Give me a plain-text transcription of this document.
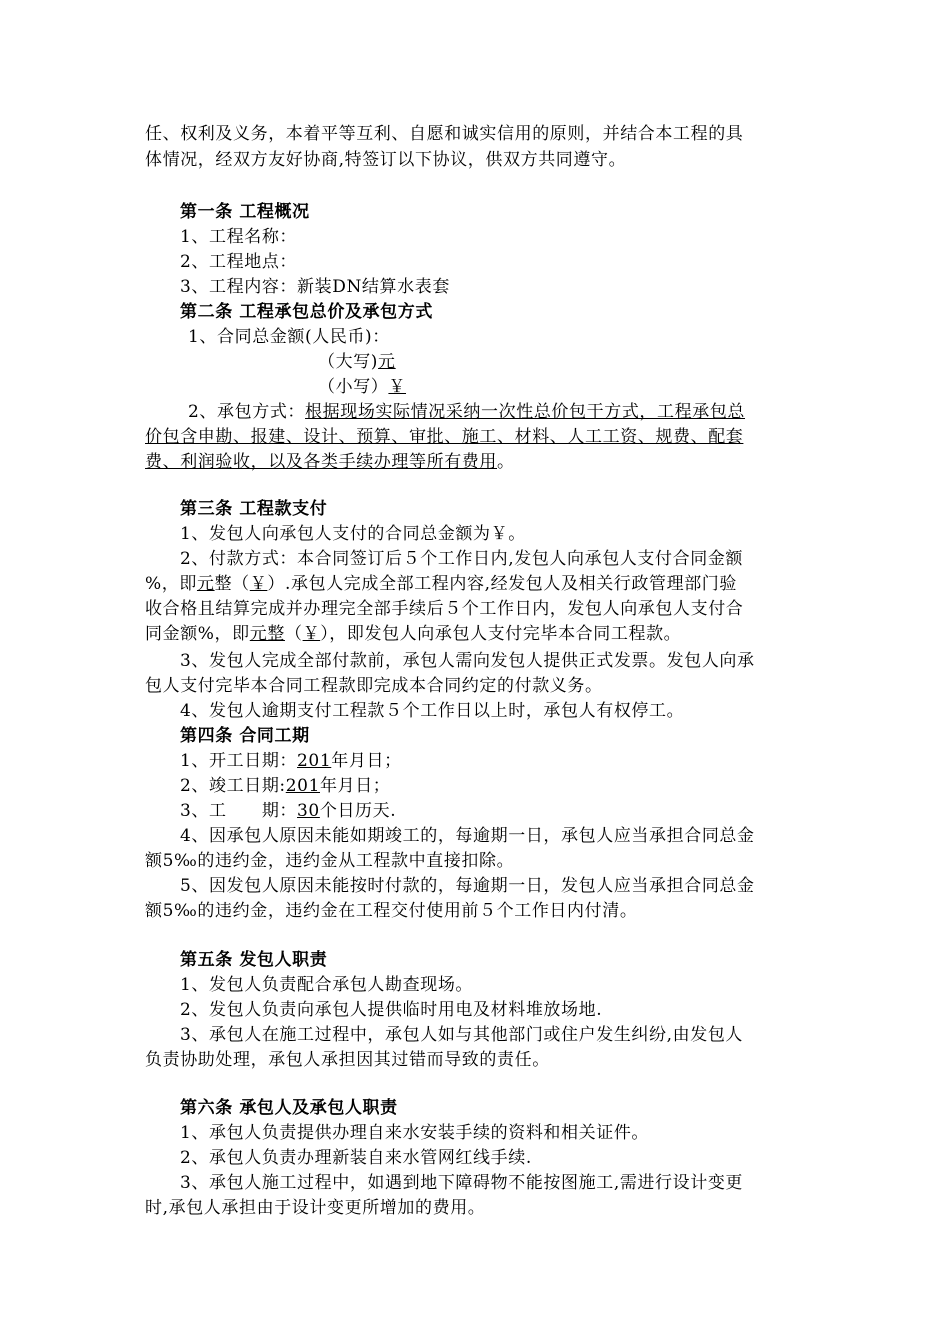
任、权利及义务，本着平等互利、自愿和诚实信用的原则，并结合本工程的具
体情况，经双方友好协商,特签订以下协议，供双方共同遵守。
第一条 工程概况
1、工程名称：
2、工程地点：
3、工程内容：新装DN结算水表套
第二条 工程承包总价及承包方式
1、合同总金额(人民币)：
（大写)元
（小写）￥
2、承包方式：根据现场实际情况采纳一次性总价包干方式，工程承包总
价包含申勘、报建、设计、预算、审批、施工、材料、人工工资、规费、配套
费、利润验收，以及各类手续办理等所有费用。
第三条 工程款支付
1、发包人向承包人支付的合同总金额为￥。
2、付款方式：本合同签订后５个工作日内,发包人向承包人支付合同金额
%，即元整（￥）.承包人完成全部工程内容,经发包人及相关行政管理部门验
收合格且结算完成并办理完全部手续后５个工作日内，发包人向承包人支付合
同金额%，即元整（￥），即发包人向承包人支付完毕本合同工程款。
3、发包人完成全部付款前，承包人需向发包人提供正式发票。发包人向承
包人支付完毕本合同工程款即完成本合同约定的付款义务。
4、发包人逾期支付工程款５个工作日以上时，承包人有权停工。
第四条 合同工期
1、开工日期：201年月日；
2、竣工日期:201年月日；
3、工　　期：30个日历天.
4、因承包人原因未能如期竣工的，每逾期一日，承包人应当承担合同总金
额5‰的违约金，违约金从工程款中直接扣除。
5、因发包人原因未能按时付款的，每逾期一日，发包人应当承担合同总金
额5‰的违约金，违约金在工程交付使用前５个工作日内付清。
第五条 发包人职责
1、发包人负责配合承包人勘查现场。
2、发包人负责向承包人提供临时用电及材料堆放场地.
3、承包人在施工过程中，承包人如与其他部门或住户发生纠纷,由发包人
负责协助处理，承包人承担因其过错而导致的责任。
第六条 承包人及承包人职责
1、承包人负责提供办理自来水安装手续的资料和相关证件。
2、承包人负责办理新装自来水管网红线手续.
3、承包人施工过程中，如遇到地下障碍物不能按图施工,需进行设计变更
时,承包人承担由于设计变更所增加的费用。
